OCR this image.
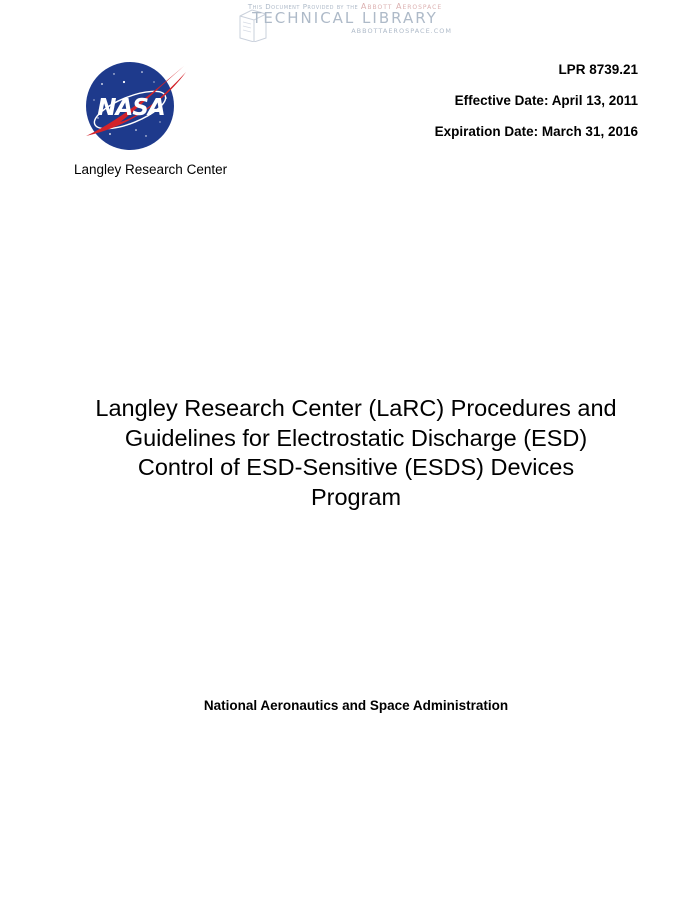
This Document Provided by the Abbott Aerospace
TECHNICAL LIBRARY
ABBOTTAEROSPACE.COM
NASA
Langley Research Center
LPR 8739.21
Effective Date: April 13, 2011
Expiration Date: March 31, 2016
Langley Research Center (LaRC) Procedures and
Guidelines for Electrostatic Discharge (ESD)
Control of ESD-Sensitive (ESDS) Devices
Program
National Aeronautics and Space Administration
